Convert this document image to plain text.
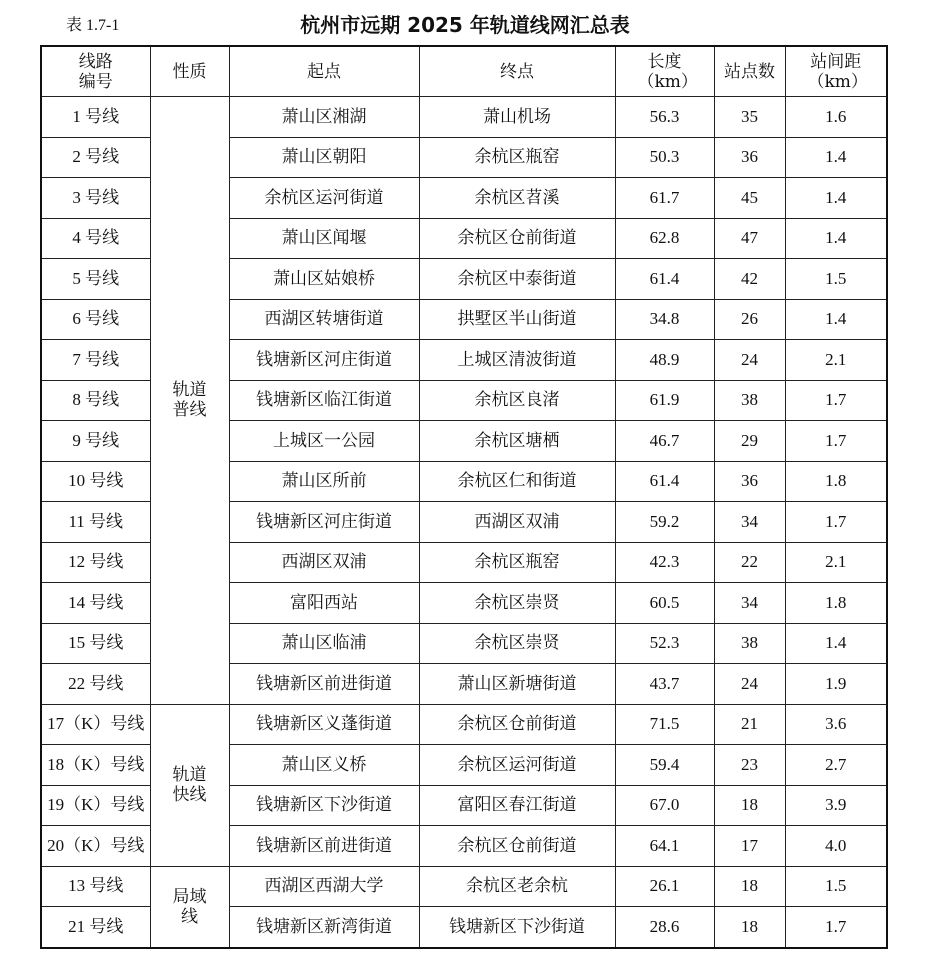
表 1.7-1	杭州市远期 2025 年轨道线网汇总表
线路编号	性质	起点	终点	长度（km）	站点数	站间距（km）
1 号线	轨道普线	萧山区湘湖	萧山机场	56.3	35	1.6
2 号线		萧山区朝阳	余杭区瓶窑	50.3	36	1.4
3 号线		余杭区运河街道	余杭区苕溪	61.7	45	1.4
4 号线		萧山区闻堰	余杭区仓前街道	62.8	47	1.4
5 号线		萧山区姑娘桥	余杭区中泰街道	61.4	42	1.5
6 号线		西湖区转塘街道	拱墅区半山街道	34.8	26	1.4
7 号线		钱塘新区河庄街道	上城区清波街道	48.9	24	2.1
8 号线		钱塘新区临江街道	余杭区良渚	61.9	38	1.7
9 号线		上城区一公园	余杭区塘栖	46.7	29	1.7
10 号线		萧山区所前	余杭区仁和街道	61.4	36	1.8
11 号线		钱塘新区河庄街道	西湖区双浦	59.2	34	1.7
12 号线		西湖区双浦	余杭区瓶窑	42.3	22	2.1
14 号线		富阳西站	余杭区崇贤	60.5	34	1.8
15 号线		萧山区临浦	余杭区崇贤	52.3	38	1.4
22 号线		钱塘新区前进街道	萧山区新塘街道	43.7	24	1.9
17（K）号线	轨道快线	钱塘新区义蓬街道	余杭区仓前街道	71.5	21	3.6
18（K）号线		萧山区义桥	余杭区运河街道	59.4	23	2.7
19（K）号线		钱塘新区下沙街道	富阳区春江街道	67.0	18	3.9
20（K）号线		钱塘新区前进街道	余杭区仓前街道	64.1	17	4.0
13 号线	局域线	西湖区西湖大学	余杭区老余杭	26.1	18	1.5
21 号线		钱塘新区新湾街道	钱塘新区下沙街道	28.6	18	1.7
